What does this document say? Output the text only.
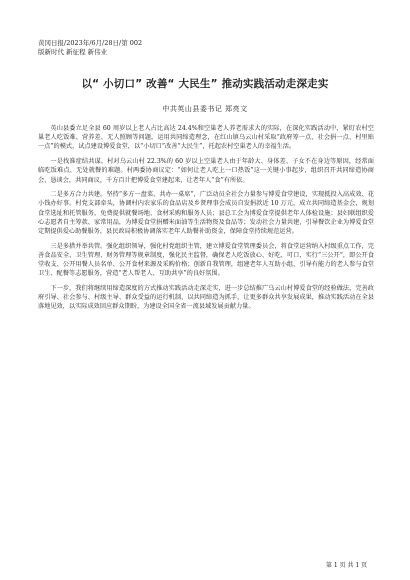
黄冈日报/2023年/6月/28日/第 002
版新时代 新征程 新伟业
以“ 小切口” 改善“ 大民生” 推动实践活动走深走实
中共英山县委书记 郑亮文

英山县委立足全县 60 周岁以上老人占比高达 24.4%和空巢老人养老需求大的实际，在深化实践活动中，紧盯农村空巢老人吃饭难、营养差、无人照顾等问题，运用共同缔造理念，在红山镇乌云山村采取“政府筹一点、社会捐一点、村里贴一点”的模式，试点建设博爱食堂，以“小切口”改善“大民生”，托起农村空巢老人的幸福生活。

一是找准症结共谋。村对乌云山村 22.3%的 60 岁以上空巢老人由于年龄大、身体差、子女不在身边等原因，经常面临吃饭难点、无处就餐的难题。村两委协商议定：“如何让老人吃上一口热饭”这一关键小事起步，组织召开共同缔造协商会、恳谈会，共同商议，千方百计把博爱食堂建起来，让老年人“食”有所依。

二是多方合力共建。坚持“多方一盘菜、共办一桌席”，广泛动员全社会力量参与博爱食堂建设，实现抵投入高成效、花小钱办好事。村党支部牵头，协调村内农家乐的食品店及乡贤理事会成员自发捐款近 10 万元，成立共同缔造基金会，规划食堂选址和托管服务，免费提供就餐场地、食材采购和服务人员；县总工会为博爱食堂提供老年人体检设施；县妇联组织爱心志愿者自主筹款、家常用品，为博爱食堂捐赠米面油等生活物资及食品等；发动社会力量共建，引导餐饮企业为博爱食堂定期提供爱心助餐服务，县民政局积极协调落实老年人助餐补助资金，保障食堂持续规范运营。

三是多措并举共管。强化组织领导，强化村党组织主管，建立博爱食堂管理委员会，将食堂运营纳入村级重点工作，完善食品安全、卫生管理、财务管理等规章制度，强化民主监督，确保老人吃饭放心、好吃、可口，实行“三公开”，即公开食堂收支、公开用餐人员名单、公开食材来源及采购价格；创新自我管理，组建老年人互助小组，引导有能力的老人参与食堂卫生、配餐等志愿服务，营造“老人帮老人、互助共享”的良好氛围。

下一步，我们将继续用缔造深度的方式推动实践活动走深走实，进一步总结推广乌云山村博爱食堂的经验做法，完善政府引导、社会参与、村级主导、群众受益的运行机制，以共同缔造为抓手，让更多群众共享发展成果，推动实践活动在全县落地见效，以实际成效回应群众期盼，为建设全国全省一流县域发展贡献力量。

第 1 页 共 1 页
